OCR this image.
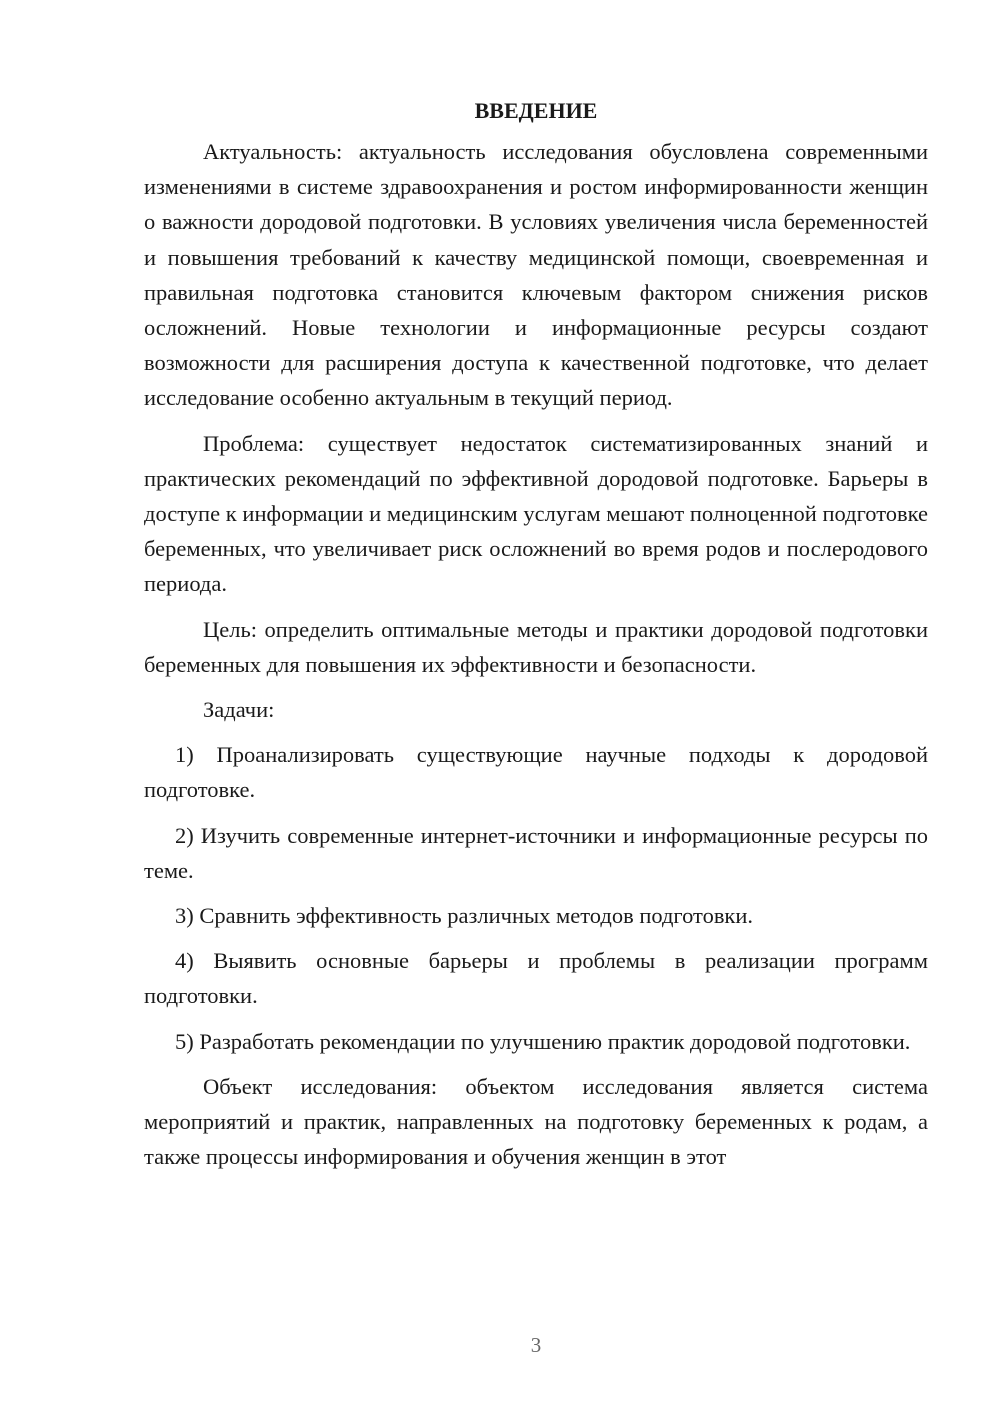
ВВЕДЕНИЕ

Актуальность: актуальность исследования обусловлена современными изменениями в системе здравоохранения и ростом информированности женщин о важности дородовой подготовки. В условиях увеличения числа беременностей и повышения требований к качеству медицинской помощи, своевременная и правильная подготовка становится ключевым фактором снижения рисков осложнений. Новые технологии и информационные ресурсы создают возможности для расширения доступа к качественной подготовке, что делает исследование особенно актуальным в текущий период.

Проблема: существует недостаток систематизированных знаний и практических рекомендаций по эффективной дородовой подготовке. Барьеры в доступе к информации и медицинским услугам мешают полноценной подготовке беременных, что увеличивает риск осложнений во время родов и послеродового периода.

Цель: определить оптимальные методы и практики дородовой подготовки беременных для повышения их эффективности и безопасности.

Задачи:

1) Проанализировать существующие научные подходы к дородовой подготовке.

2) Изучить современные интернет-источники и информационные ресурсы по теме.

3) Сравнить эффективность различных методов подготовки.

4) Выявить основные барьеры и проблемы в реализации программ подготовки.

5) Разработать рекомендации по улучшению практик дородовой подготовки.

Объект исследования: объектом исследования является система мероприятий и практик, направленных на подготовку беременных к родам, а также процессы информирования и обучения женщин в этот

3
